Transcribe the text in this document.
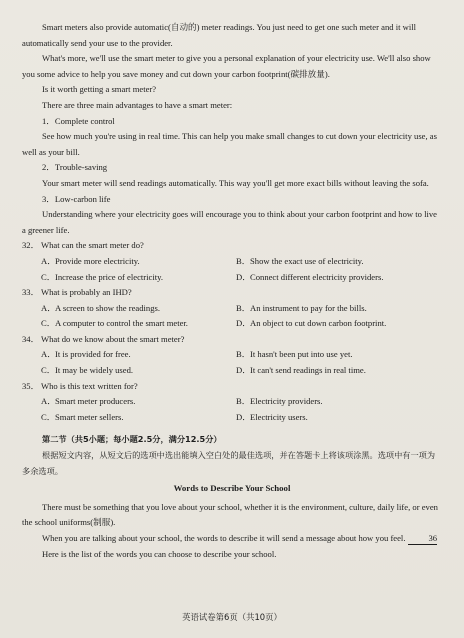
Smart meters also provide automatic(自动的) meter readings. You just need to get one such meter and it will automatically send your use to the provider.

What's more, we'll use the smart meter to give you a personal explanation of your electricity use. We'll also show you some advice to help you save money and cut down your carbon footprint(碳排放量).

Is it worth getting a smart meter?

There are three main advantages to have a smart meter:

1．Complete control

See how much you're using in real time. This can help you make small changes to cut down your electricity use, as well as your bill.

2．Trouble-saving

Your smart meter will send readings automatically. This way you'll get more exact bills without leaving the sofa.

3．Low-carbon life

Understanding where your electricity goes will encourage you to think about your carbon footprint and how to live a greener life.

32． What can the smart meter do?
A．Provide more electricity.	B．Show the exact use of electricity.
C．Increase the price of electricity.	D．Connect different electricity providers.
33． What is probably an IHD?
A．A screen to show the readings.	B．An instrument to pay for the bills.
C．A computer to control the smart meter.	D．An object to cut down carbon footprint.
34． What do we know about the smart meter?
A．It is provided for free.	B．It hasn't been put into use yet.
C．It may be widely used.	D．It can't send readings in real time.
35． Who is this text written for?
A．Smart meter producers.	B．Electricity providers.
C．Smart meter sellers.	D．Electricity users.

第二节（共5小题；每小题2.5分，满分12.5分）

根据短文内容，从短文后的选项中选出能填入空白处的最佳选项，并在答题卡上将该项涂黑。选项中有一项为多余选项。

Words to Describe Your School

There must be something that you love about your school, whether it is the environment, culture, daily life, or even the school uniforms(制服).

When you are talking about your school, the words to describe it will send a message about how you feel.	36

Here is the list of the words you can choose to describe your school.

英语试卷第6页（共10页）
